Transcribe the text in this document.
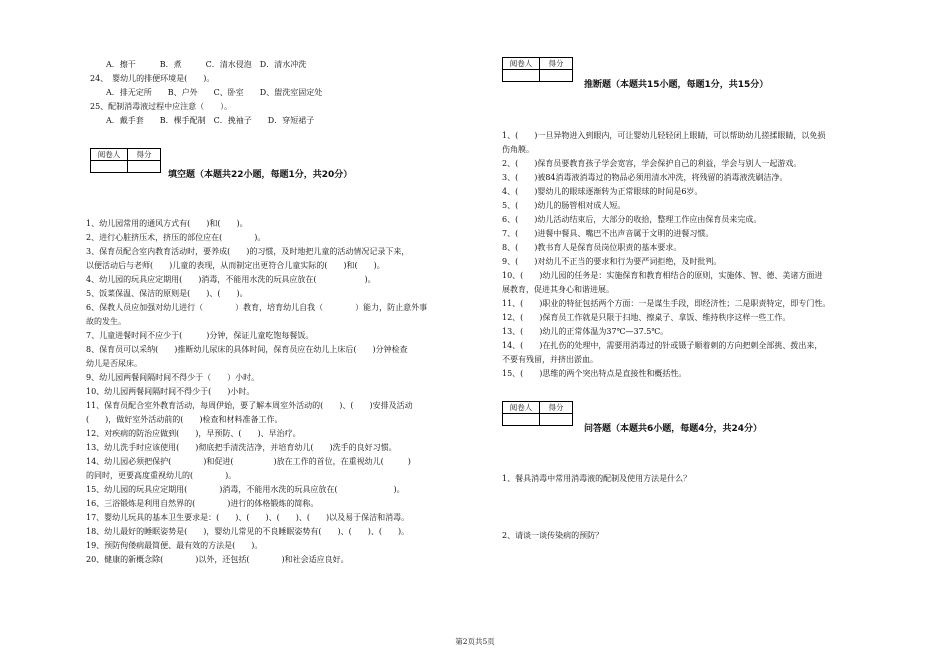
A．擦干　　　B．煮　　　C．清水侵泡　D．清水冲洗
24、　婴幼儿的排便环境是(　　)。
A．排无定所　　B、户外　　C、卧室　　D、盥洗室固定处
25、配制消毒液过程中应注意（　　）。
A．戴手套　　B．棵手配制　C．挽袖子　　D．穿短裙子
阅卷人	得分

填空题（本题共22小题，每题1分，共20分）
1、幼儿园常用的通风方式有(　　)和(　　)。
2、进行心脏挤压术，挤压的部位应在(　　　　)。
3、保育员配合室内教育活动时，要养成(　　)的习惯，及时地把儿童的活动情况记录下来，
以便活动后与老师(　　)儿童的表现，从而制定出更符合儿童实际的(　　)和(　　)。
4、幼儿园的玩具应定期用(　　)消毒，不能用水洗的玩具应放在(　　　　　　)。
5、饭菜保温、保洁的原则是(　　)、(　　)。
6、保教人员应加强对幼儿进行（　　　　）教育，培育幼儿自我（　　　　）能力，防止意外事
故的发生。
7、儿童进餐时间不应少于(　　　)分钟，保证儿童吃饱每餐饭。
8、保育员可以采纳(　　)推断幼儿尿床的具体时间，保育员应在幼儿上床后(　　)分钟检查
幼儿是否尿床。
9、幼儿园两餐间隔时间不得少于（　　）小时。
10、幼儿园两餐间隔时间不得少于(　　)小时。
11、保育员配合室外教育活动，每周伊始，要了解本周室外活动的(　　)、(　　)安排及活动
(　　)，做好室外活动前的(　　)检查和材料准备工作。
12、对疾病的防治应做到(　　)，早预防、(　　)、早治疗。
13、幼儿洗手时应该使用(　　)彻底把手清洗洁净，并培育幼儿(　　)洗手的良好习惯。
14、幼儿园必须把保护(　　　　)和促进(　　　　　)放在工作的首位，在重视幼儿(　　　)
的同时，更要高度重视幼儿的(　　　　)。
15、幼儿园的玩具应定期用(　　　　)消毒，不能用水洗的玩具应放在(　　　　　　　)。
16、三浴锻炼是利用自然界的(　　　　)进行的体格锻炼的简称。
17、婴幼儿玩具的基本卫生要求是：(　　)、(　　)、(　　)、(　　)以及易于保洁和消毒。
18、幼儿最好的睡眠姿势是(　　)，婴幼儿常见的不良睡眠姿势有(　　)、(　　)、(　　)。
19、预防佝偻病最简便、最有效的方法是(　　)。
20、健康的新概念除(　　　　)以外，还包括(　　　　)和社会适应良好。
阅卷人	得分

推断题（本题共15小题，每题1分，共15分）
1、(　　)一旦异物进入到眼内，可让婴幼儿轻轻闭上眼睛，可以帮助幼儿搓揉眼睛，以免损
伤角膜。
2、(　　)保育员要教育孩子学会宽容，学会保护自己的利益，学会与别人一起游戏。
3、(　　)被84消毒液消毒过的物品必须用清水冲洗，将残留的消毒液洗刷洁净。
4、(　　)婴幼儿的眼球逐渐转为正常眼球的时间是6岁。
5、(　　)幼儿的肠管相对成人短。
6、(　　)幼儿活动结束后，大部分的收拾，整理工作应由保育员来完成。
7、(　　)进餐中餐具、嘴巴不出声音属于文明的进餐习惯。
8、(　　)教书育人是保育员岗位职责的基本要求。
9、(　　)对幼儿不正当的要求和行为要严词拒绝，及时批判。
10、(　　)幼儿园的任务是：实施保育和教育相结合的原则，实施体、智、德、美诸方面进
展教育，促进其身心和谐进展。
11、(　　)职业的特征包括两个方面：一是谋生手段，即经济性；二是职责特定，即专门性。
12、(　　)保育员工作就是只限于扫地、擦桌子、拿饭、维持秩序这样一些工作。
13、(　　)幼儿的正常体温为37℃—37.5℃。
14、(　　)在扎伤的处理中，需要用消毒过的针或镊子顺着刺的方向把刺全部挑、拨出来，
不要有残留，并挤出淤血。
15、(　　)思维的两个突出特点是直接性和概括性。
阅卷人	得分

问答题（本题共6小题，每题4分，共24分）
1、餐具消毒中常用消毒液的配制及使用方法是什么？
2、请谈一谈传染病的预防？
第2页共5页
